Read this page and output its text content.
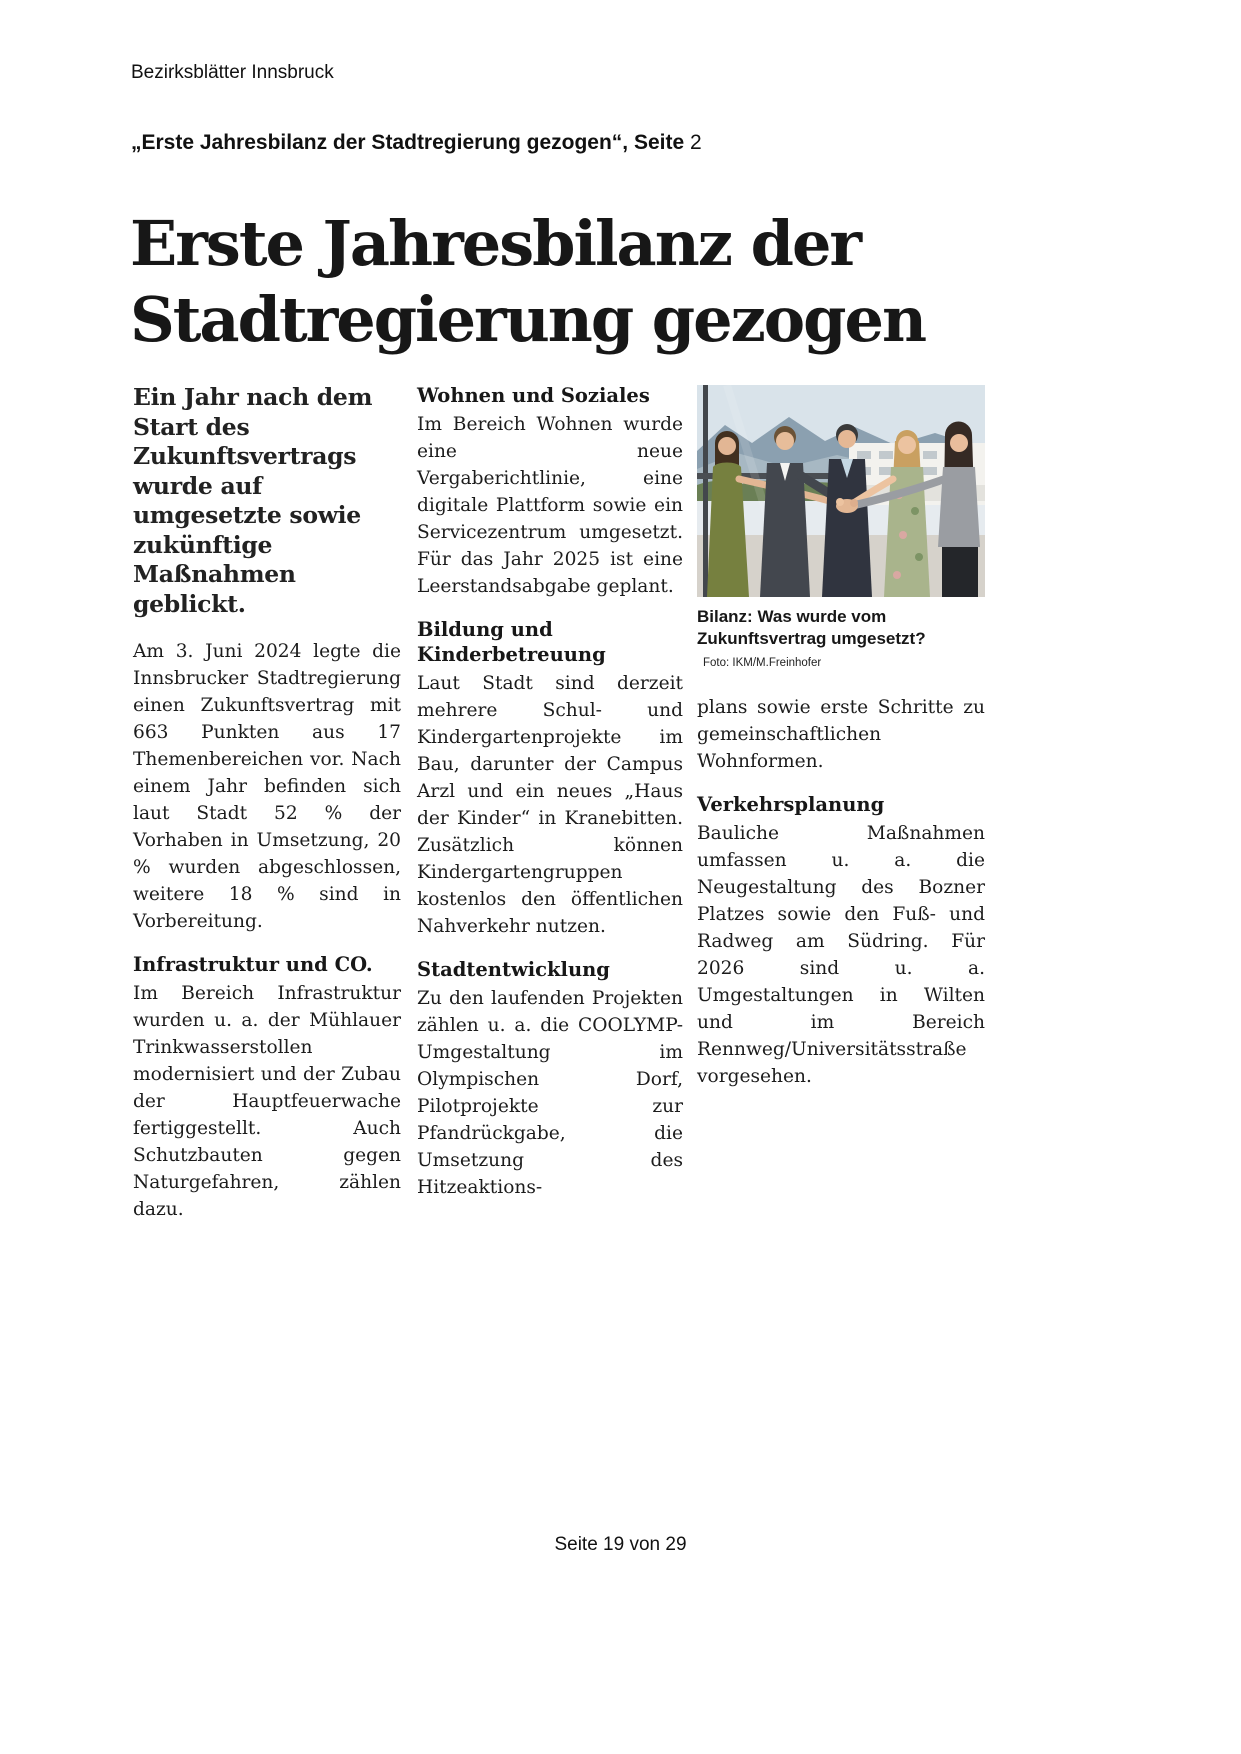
Bezirksblätter Innsbruck
„Erste Jahresbilanz der Stadtregierung gezogen“, Seite 2
Erste Jahresbilanz der
Stadtregierung gezogen
Ein Jahr nach dem Start des Zukunftsvertrags wurde auf umgesetzte sowie zukünftige Maßnahmen geblickt.

Am 3. Juni 2024 legte die Innsbrucker Stadtregierung einen Zukunftsvertrag mit 663 Punkten aus 17 Themenbereichen vor. Nach einem Jahr befinden sich laut Stadt 52 % der Vorhaben in Umsetzung, 20 % wurden abgeschlossen, weitere 18 % sind in Vorbereitung.

Infrastruktur und CO.

Im Bereich Infrastruktur wurden u. a. der Mühlauer Trinkwasserstollen modernisiert und der Zubau der Hauptfeuerwache fertiggestellt. Auch Schutzbauten gegen Naturgefahren, zählen dazu.

Wohnen und Soziales

Im Bereich Wohnen wurde eine neue Vergaberichtlinie, eine digitale Plattform sowie ein Servicezentrum umgesetzt. Für das Jahr 2025 ist eine Leerstandsabgabe geplant.

Bildung und Kinderbetreuung

Laut Stadt sind derzeit mehrere Schul- und Kindergartenprojekte im Bau, darunter der Campus Arzl und ein neues „Haus der Kinder“ in Kranebitten. Zusätzlich können Kindergartengruppen kostenlos den öffentlichen Nahverkehr nutzen.

Stadtentwicklung

Zu den laufenden Projekten zählen u. a. die COOLYMP-Umgestaltung im Olympischen Dorf, Pilotprojekte zur Pfandrückgabe, die Umsetzung des Hitzeaktions-

Bilanz: Was wurde vom Zukunftsvertrag umgesetzt?Foto: IKM/M.Freinhofer

plans sowie erste Schritte zu gemeinschaftlichen Wohnformen.

Verkehrsplanung

Bauliche Maßnahmen umfassen u. a. die Neugestaltung des Bozner Platzes sowie den Fuß- und Radweg am Südring. Für 2026 sind u. a. Umgestaltungen in Wilten und im Bereich Rennweg/Universitätsstraße vorgesehen.

Seite 19 von 29
